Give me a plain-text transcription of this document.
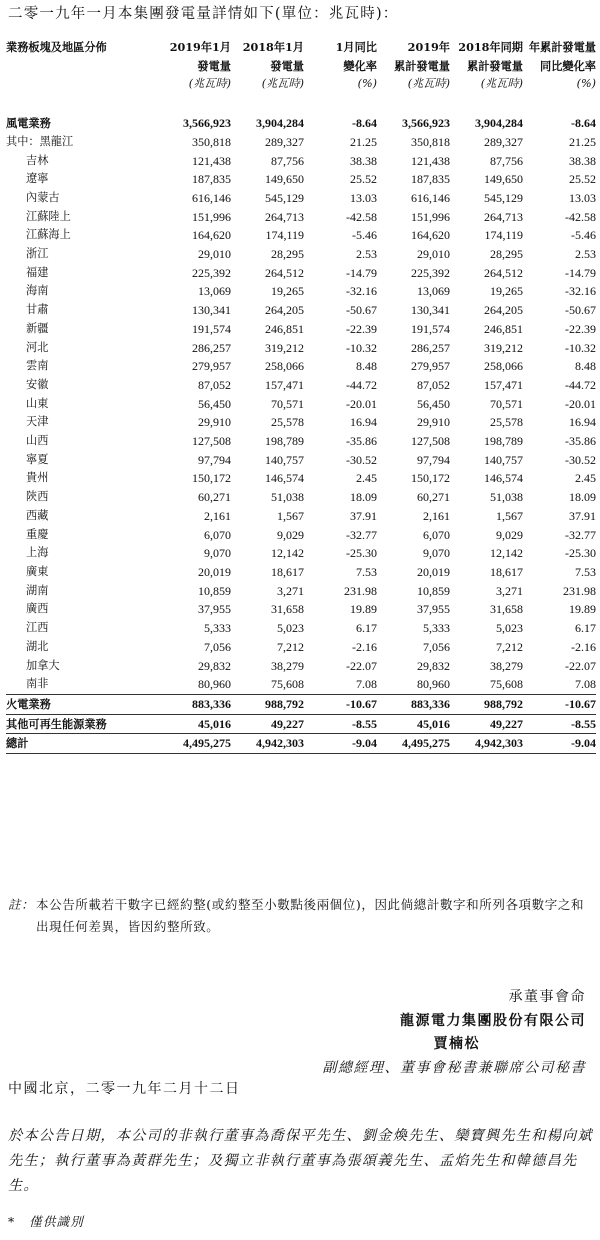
二零一九年一月本集團發電量詳情如下(單位：兆瓦時)：
業務板塊及地區分佈	2019年1月	2018年1月	1月同比	2019年	2018年同期	年累計發電量
	發電量	發電量	變化率	累計發電量	累計發電量	同比變化率
	(兆瓦時)	(兆瓦時)	(%)	(兆瓦時)	(兆瓦時)	(%)

風電業務	3,566,923	3,904,284	-8.64	3,566,923	3,904,284	-8.64
其中：黑龍江	350,818	289,327	21.25	350,818	289,327	21.25
吉林	121,438	87,756	38.38	121,438	87,756	38.38
遼寧	187,835	149,650	25.52	187,835	149,650	25.52
內蒙古	616,146	545,129	13.03	616,146	545,129	13.03
江蘇陸上	151,996	264,713	-42.58	151,996	264,713	-42.58
江蘇海上	164,620	174,119	-5.46	164,620	174,119	-5.46
浙江	29,010	28,295	2.53	29,010	28,295	2.53
福建	225,392	264,512	-14.79	225,392	264,512	-14.79
海南	13,069	19,265	-32.16	13,069	19,265	-32.16
甘肅	130,341	264,205	-50.67	130,341	264,205	-50.67
新疆	191,574	246,851	-22.39	191,574	246,851	-22.39
河北	286,257	319,212	-10.32	286,257	319,212	-10.32
雲南	279,957	258,066	8.48	279,957	258,066	8.48
安徽	87,052	157,471	-44.72	87,052	157,471	-44.72
山東	56,450	70,571	-20.01	56,450	70,571	-20.01
天津	29,910	25,578	16.94	29,910	25,578	16.94
山西	127,508	198,789	-35.86	127,508	198,789	-35.86
寧夏	97,794	140,757	-30.52	97,794	140,757	-30.52
貴州	150,172	146,574	2.45	150,172	146,574	2.45
陝西	60,271	51,038	18.09	60,271	51,038	18.09
西藏	2,161	1,567	37.91	2,161	1,567	37.91
重慶	6,070	9,029	-32.77	6,070	9,029	-32.77
上海	9,070	12,142	-25.30	9,070	12,142	-25.30
廣東	20,019	18,617	7.53	20,019	18,617	7.53
湖南	10,859	3,271	231.98	10,859	3,271	231.98
廣西	37,955	31,658	19.89	37,955	31,658	19.89
江西	5,333	5,023	6.17	5,333	5,023	6.17
湖北	7,056	7,212	-2.16	7,056	7,212	-2.16
加拿大	29,832	38,279	-22.07	29,832	38,279	-22.07
南非	80,960	75,608	7.08	80,960	75,608	7.08
火電業務	883,336	988,792	-10.67	883,336	988,792	-10.67
其他可再生能源業務	45,016	49,227	-8.55	45,016	49,227	-8.55
總計	4,495,275	4,942,303	-9.04	4,495,275	4,942,303	-9.04
註： 本公告所載若干數字已經約整(或約整至小數點後兩個位)，因此倘總計數字和所列各項數字之和出現任何差異，皆因約整所致。
承董事會命
龍源電力集團股份有限公司
賈楠松
副總經理、董事會秘書兼聯席公司秘書
中國北京，二零一九年二月十二日
於本公告日期，本公司的非執行董事為喬保平先生、劉金煥先生、欒寶興先生和楊向斌先生；執行董事為黃群先生；及獨立非執行董事為張頌義先生、孟焰先生和韓德昌先生。
*　僅供識別
